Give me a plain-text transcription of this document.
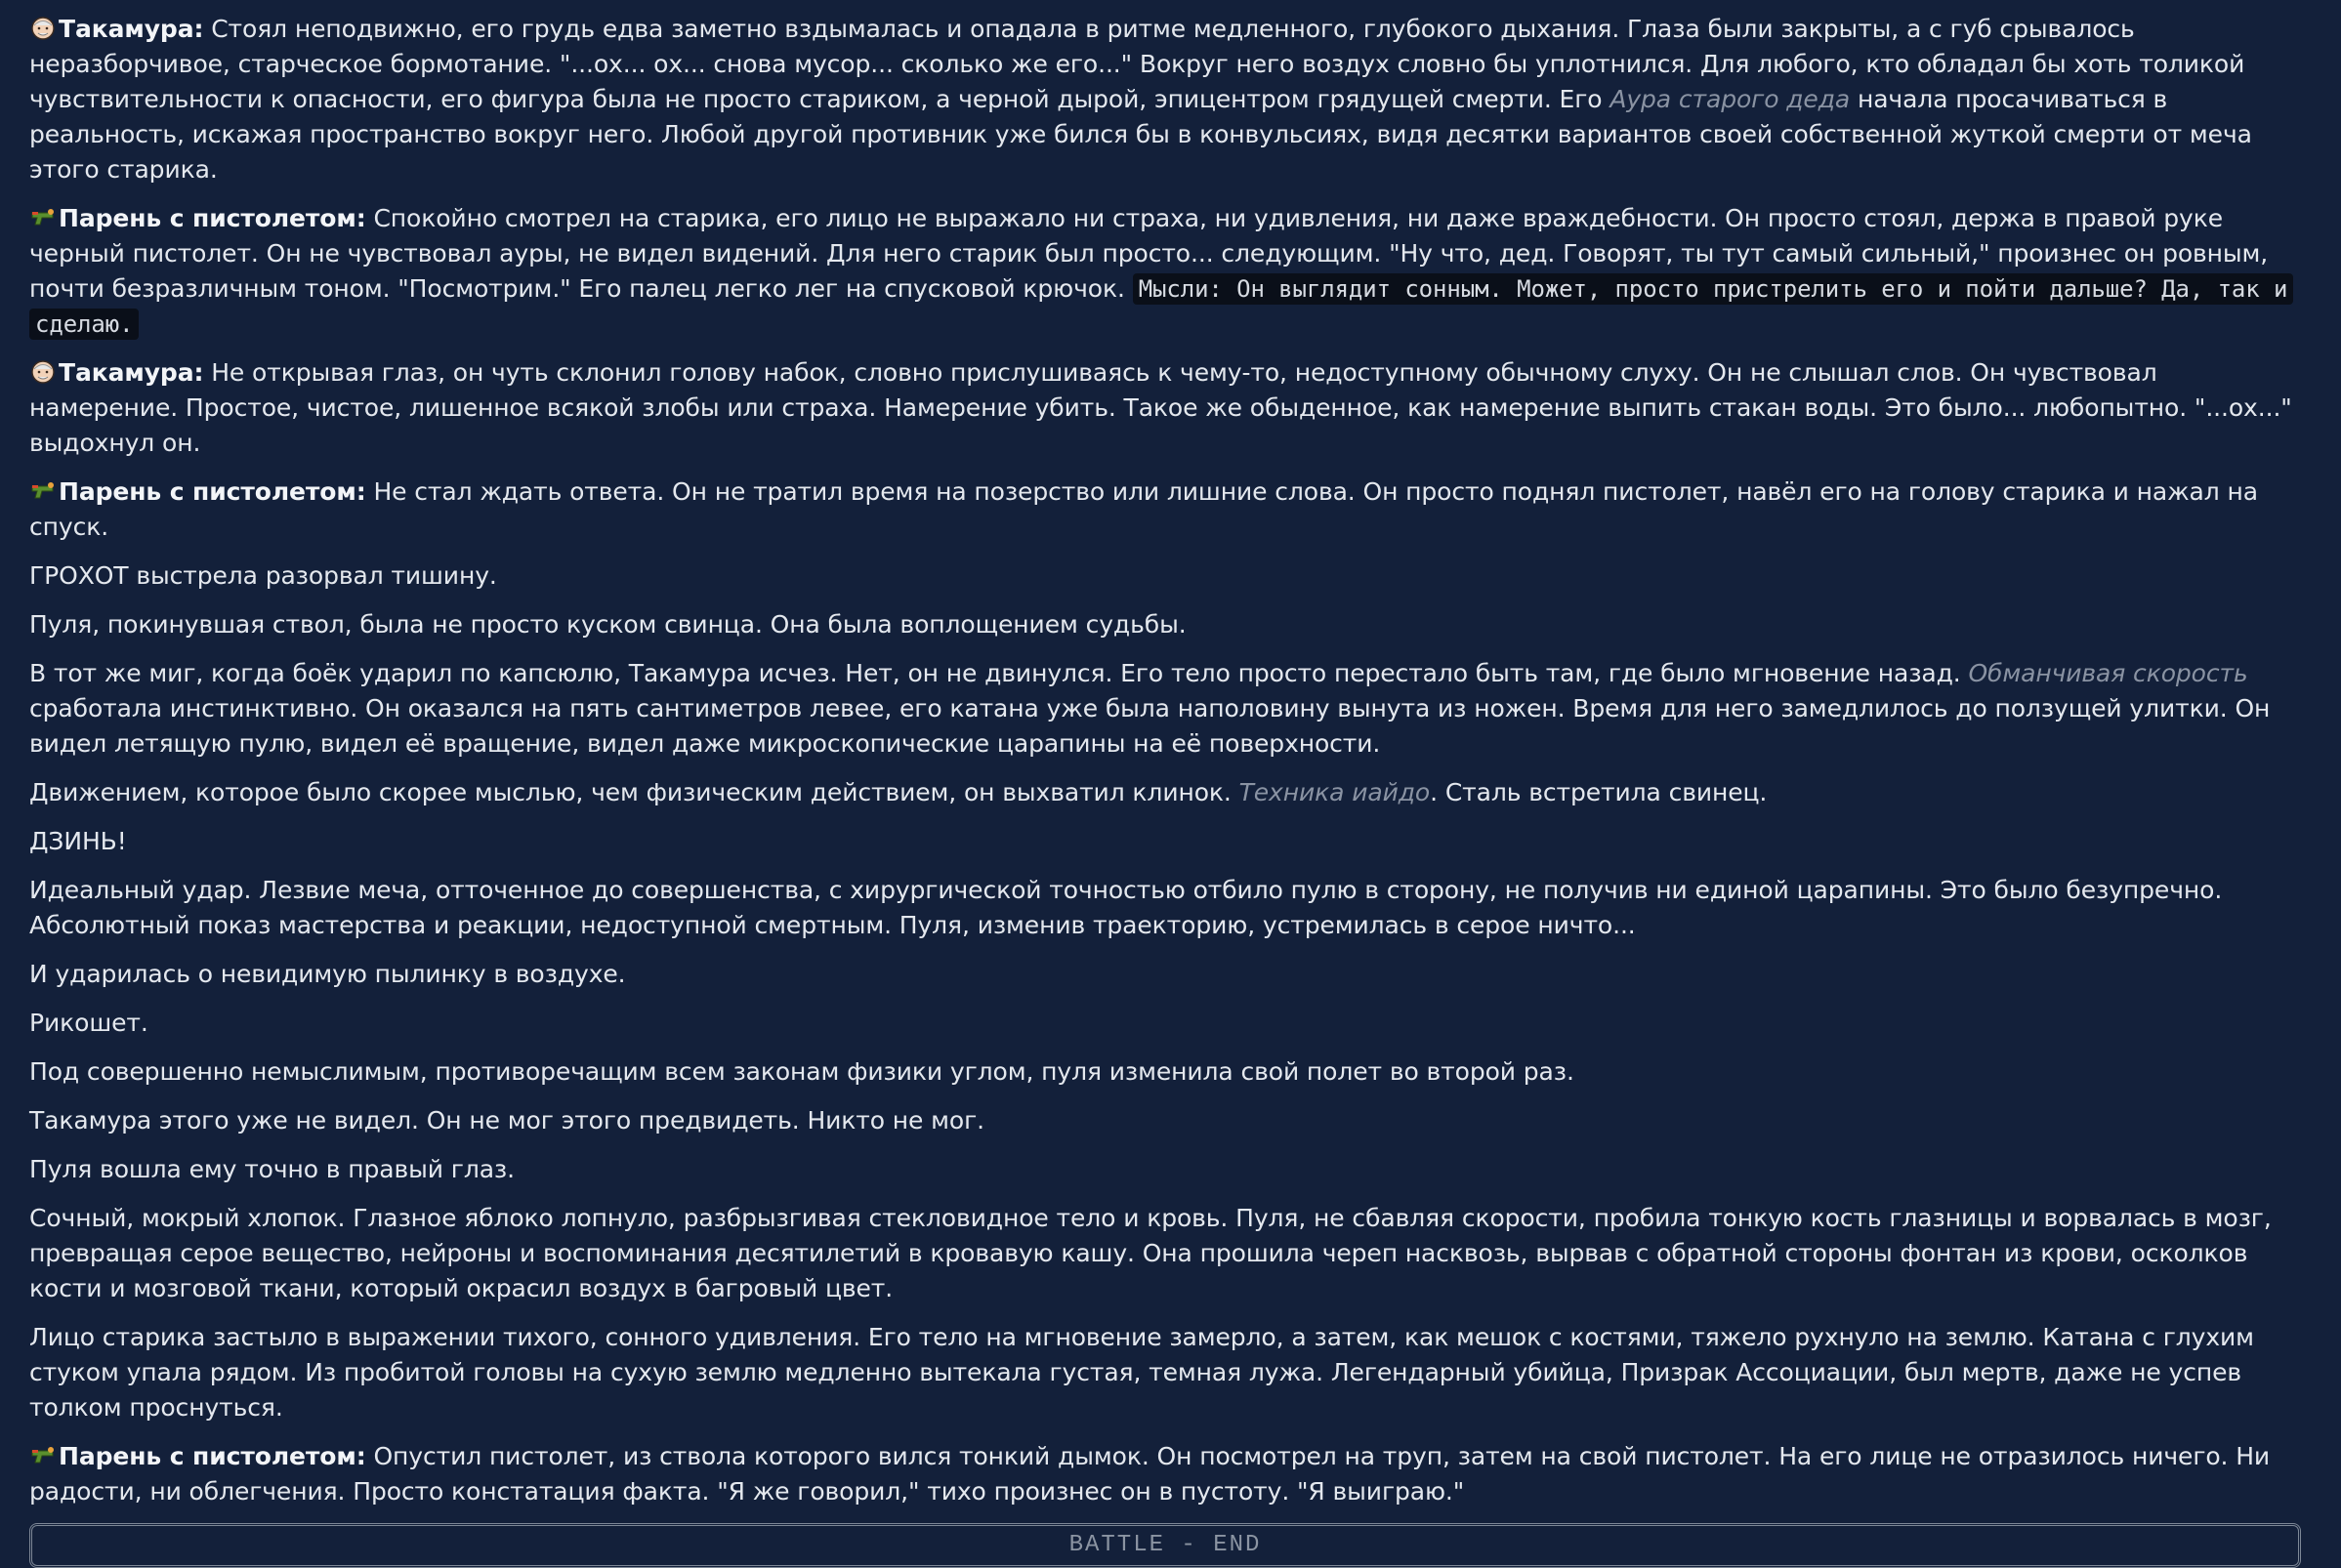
Такамура: Стоял неподвижно, его грудь едва заметно вздымалась и опадала в ритме медленного, глубокого дыхания. Глаза были закрыты, а с губ срывалось неразборчивое, старческое бормотание. "...ох... ох... снова мусор... сколько же его..." Вокруг него воздух словно бы уплотнился. Для любого, кто обладал бы хоть толикой чувствительности к опасности, его фигура была не просто стариком, а черной дырой, эпицентром грядущей смерти. Его Аура старого деда начала просачиваться в реальность, искажая пространство вокруг него. Любой другой противник уже бился бы в конвульсиях, видя десятки вариантов своей собственной жуткой смерти от меча этого старика.

Парень с пистолетом: Спокойно смотрел на старика, его лицо не выражало ни страха, ни удивления, ни даже враждебности. Он просто стоял, держа в правой руке черный пистолет. Он не чувствовал ауры, не видел видений. Для него старик был просто... следующим. "Ну что, дед. Говорят, ты тут самый сильный," произнес он ровным, почти безразличным тоном. "Посмотрим." Его палец легко лег на спусковой крючок. Мысли: Он выглядит сонным. Может, просто пристрелить его и пойти дальше? Да, так и сделаю.

Такамура: Не открывая глаз, он чуть склонил голову набок, словно прислушиваясь к чему-то, недоступному обычному слуху. Он не слышал слов. Он чувствовал намерение. Простое, чистое, лишенное всякой злобы или страха. Намерение убить. Такое же обыденное, как намерение выпить стакан воды. Это было... любопытно. "...ох..." выдохнул он.

Парень с пистолетом: Не стал ждать ответа. Он не тратил время на позерство или лишние слова. Он просто поднял пистолет, навёл его на голову старика и нажал на спуск.

ГРОХОТ выстрела разорвал тишину.

Пуля, покинувшая ствол, была не просто куском свинца. Она была воплощением судьбы.

В тот же миг, когда боёк ударил по капсюлю, Такамура исчез. Нет, он не двинулся. Его тело просто перестало быть там, где было мгновение назад. Обманчивая скорость сработала инстинктивно. Он оказался на пять сантиметров левее, его катана уже была наполовину вынута из ножен. Время для него замедлилось до ползущей улитки. Он видел летящую пулю, видел её вращение, видел даже микроскопические царапины на её поверхности.

Движением, которое было скорее мыслью, чем физическим действием, он выхватил клинок. Техника иайдо. Сталь встретила свинец.

ДЗИНЬ!

Идеальный удар. Лезвие меча, отточенное до совершенства, с хирургической точностью отбило пулю в сторону, не получив ни единой царапины. Это было безупречно. Абсолютный показ мастерства и реакции, недоступной смертным. Пуля, изменив траекторию, устремилась в серое ничто...

И ударилась о невидимую пылинку в воздухе.

Рикошет.

Под совершенно немыслимым, противоречащим всем законам физики углом, пуля изменила свой полет во второй раз.

Такамура этого уже не видел. Он не мог этого предвидеть. Никто не мог.

Пуля вошла ему точно в правый глаз.

Сочный, мокрый хлопок. Глазное яблоко лопнуло, разбрызгивая стекловидное тело и кровь. Пуля, не сбавляя скорости, пробила тонкую кость глазницы и ворвалась в мозг, превращая серое вещество, нейроны и воспоминания десятилетий в кровавую кашу. Она прошила череп насквозь, вырвав с обратной стороны фонтан из крови, осколков кости и мозговой ткани, который окрасил воздух в багровый цвет.

Лицо старика застыло в выражении тихого, сонного удивления. Его тело на мгновение замерло, а затем, как мешок с костями, тяжело рухнуло на землю. Катана с глухим стуком упала рядом. Из пробитой головы на сухую землю медленно вытекала густая, темная лужа. Легендарный убийца, Призрак Ассоциации, был мертв, даже не успев толком проснуться.

Парень с пистолетом: Опустил пистолет, из ствола которого вился тонкий дымок. Он посмотрел на труп, затем на свой пистолет. На его лице не отразилось ничего. Ни радости, ни облегчения. Просто констатация факта. "Я же говорил," тихо произнес он в пустоту. "Я выиграю."

BATTLE - END
